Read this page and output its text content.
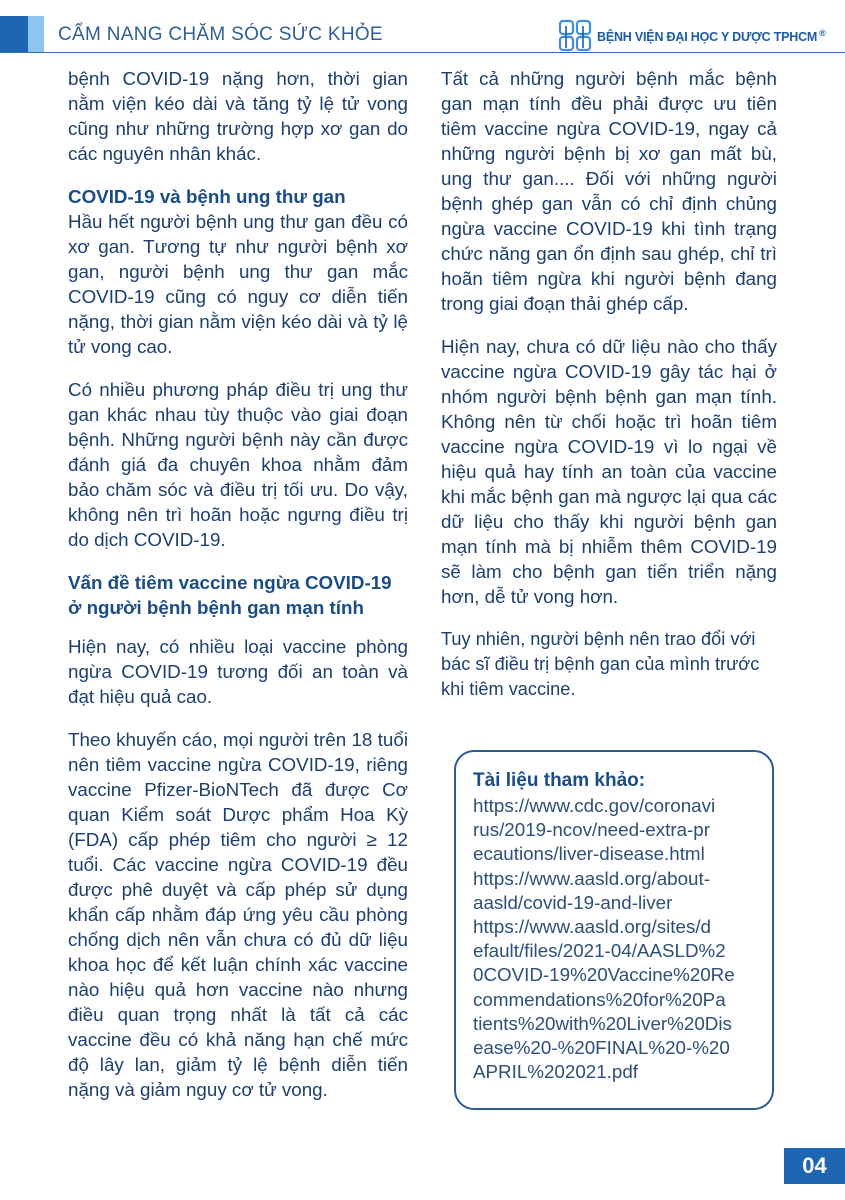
CẨM NANG CHĂM SÓC SỨC KHỎE	BỆNH VIỆN ĐẠI HỌC Y DƯỢC TPHCM ®

bệnh COVID-19 nặng hơn, thời gian nằm viện kéo dài và tăng tỷ lệ tử vong cũng như những trường hợp xơ gan do các nguyên nhân khác.

COVID-19 và bệnh ung thư gan

Hầu hết người bệnh ung thư gan đều có xơ gan. Tương tự như người bệnh xơ gan, người bệnh ung thư gan mắc COVID-19 cũng có nguy cơ diễn tiến nặng, thời gian nằm viện kéo dài và tỷ lệ tử vong cao.

Có nhiều phương pháp điều trị ung thư gan khác nhau tùy thuộc vào giai đoạn bệnh. Những người bệnh này cần được đánh giá đa chuyên khoa nhằm đảm bảo chăm sóc và điều trị tối ưu. Do vậy, không nên trì hoãn hoặc ngưng điều trị do dịch COVID-19.

Vấn đề tiêm vaccine ngừa COVID-19 ở người bệnh bệnh gan mạn tính

Hiện nay, có nhiều loại vaccine phòng ngừa COVID-19 tương đối an toàn và đạt hiệu quả cao.

Theo khuyến cáo, mọi người trên 18 tuổi nên tiêm vaccine ngừa COVID-19, riêng vaccine Pfizer-BioNTech đã được Cơ quan Kiểm soát Dược phẩm Hoa Kỳ (FDA) cấp phép tiêm cho người ≥ 12 tuổi. Các vaccine ngừa COVID-19 đều được phê duyệt và cấp phép sử dụng khẩn cấp nhằm đáp ứng yêu cầu phòng chống dịch nên vẫn chưa có đủ dữ liệu khoa học để kết luận chính xác vaccine nào hiệu quả hơn vaccine nào nhưng điều quan trọng nhất là tất cả các vaccine đều có khả năng hạn chế mức độ lây lan, giảm tỷ lệ bệnh diễn tiến nặng và giảm nguy cơ tử vong.

Tất cả những người bệnh mắc bệnh gan mạn tính đều phải được ưu tiên tiêm vaccine ngừa COVID-19, ngay cả những người bệnh bị xơ gan mất bù, ung thư gan.... Đối với những người bệnh ghép gan vẫn có chỉ định chủng ngừa vaccine COVID-19 khi tình trạng chức năng gan ổn định sau ghép, chỉ trì hoãn tiêm ngừa khi người bệnh đang trong giai đoạn thải ghép cấp.

Hiện nay, chưa có dữ liệu nào cho thấy vaccine ngừa COVID-19 gây tác hại ở nhóm người bệnh bệnh gan mạn tính. Không nên từ chối hoặc trì hoãn tiêm vaccine ngừa COVID-19 vì lo ngại về hiệu quả hay tính an toàn của vaccine khi mắc bệnh gan mà ngược lại qua các dữ liệu cho thấy khi người bệnh gan mạn tính mà bị nhiễm thêm COVID-19 sẽ làm cho bệnh gan tiến triển nặng hơn, dễ tử vong hơn.

Tuy nhiên, người bệnh nên trao đổi với bác sĩ điều trị bệnh gan của mình trước khi tiêm vaccine.

Tài liệu tham khảo:
https://www.cdc.gov/coronavi
rus/2019-ncov/need-extra-pr
ecautions/liver-disease.html
https://www.aasld.org/about-
aasld/covid-19-and-liver
https://www.aasld.org/sites/d
efault/files/2021-04/AASLD%2
0COVID-19%20Vaccine%20Re
commendations%20for%20Pa
tients%20with%20Liver%20Dis
ease%20-%20FINAL%20-%20
APRIL%202021.pdf
04
